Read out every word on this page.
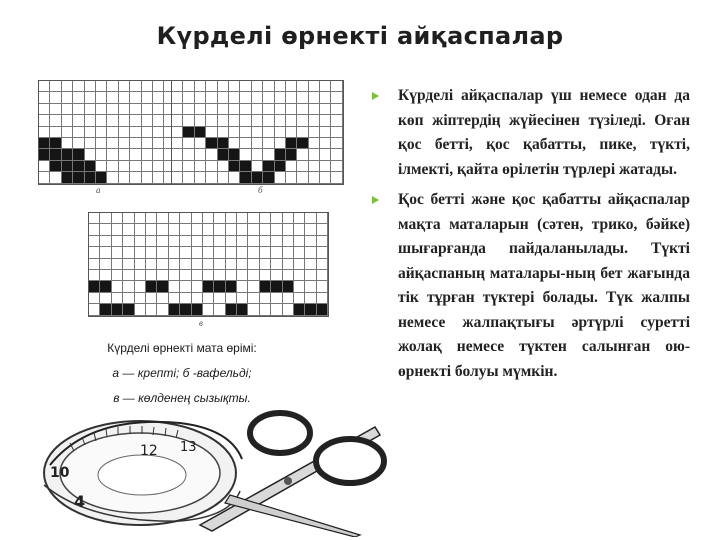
Күрделі өрнекті айқаспалар
a	б
в
Күрделі өрнекті мата өрімі:
а — крепті; б -вафельді;
в — көлденең сызықты.
Күрделі айқаспалар үш немесе одан да көп жіптердің жүйесінен түзіледі. Оған қос бетті, қос қабатты, пике, түкті, ілмекті, қайта өрілетін түрлері жатады.
Қос бетті және қос қабатты айқаспалар мақта маталарын (сәтен, трико, бәйке) шығарғанда пайдаланылады. Түкті айқаспаның маталары-ның бет жағында тік тұрған түктері болады. Түк жалпы немесе жалпақтығы әртүрлі суретті жолақ немесе түктен салынған ою-өрнекті болуы мүмкін.
10
4
12 13
